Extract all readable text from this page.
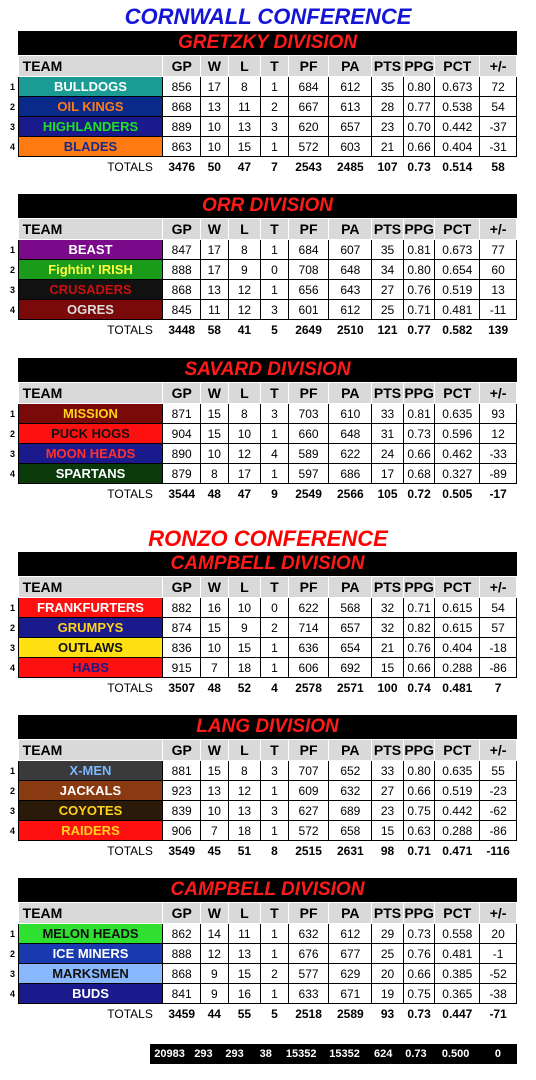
CORNWALL CONFERENCE
RONZO CONFERENCE
GRETZKY DIVISION
	TEAM	GP	W	L	T	PF	PA	PTS	PPG	PCT	+/-
1	BULLDOGS	856	17	8	1	684	612	35	0.80	0.673	72
2	OIL KINGS	868	13	11	2	667	613	28	0.77	0.538	54
3	HIGHLANDERS	889	10	13	3	620	657	23	0.70	0.442	-37
4	BLADES	863	10	15	1	572	603	21	0.66	0.404	-31
	TOTALS	3476	50	47	7	2543	2485	107	0.73	0.514	58
ORR DIVISION
	TEAM	GP	W	L	T	PF	PA	PTS	PPG	PCT	+/-
1	BEAST	847	17	8	1	684	607	35	0.81	0.673	77
2	Fightin' IRISH	888	17	9	0	708	648	34	0.80	0.654	60
3	CRUSADERS	868	13	12	1	656	643	27	0.76	0.519	13
4	OGRES	845	11	12	3	601	612	25	0.71	0.481	-11
	TOTALS	3448	58	41	5	2649	2510	121	0.77	0.582	139
SAVARD DIVISION
	TEAM	GP	W	L	T	PF	PA	PTS	PPG	PCT	+/-
1	MISSION	871	15	8	3	703	610	33	0.81	0.635	93
2	PUCK HOGS	904	15	10	1	660	648	31	0.73	0.596	12
3	MOON HEADS	890	10	12	4	589	622	24	0.66	0.462	-33
4	SPARTANS	879	8	17	1	597	686	17	0.68	0.327	-89
	TOTALS	3544	48	47	9	2549	2566	105	0.72	0.505	-17
CAMPBELL DIVISION
	TEAM	GP	W	L	T	PF	PA	PTS	PPG	PCT	+/-
1	FRANKFURTERS	882	16	10	0	622	568	32	0.71	0.615	54
2	GRUMPYS	874	15	9	2	714	657	32	0.82	0.615	57
3	OUTLAWS	836	10	15	1	636	654	21	0.76	0.404	-18
4	HABS	915	7	18	1	606	692	15	0.66	0.288	-86
	TOTALS	3507	48	52	4	2578	2571	100	0.74	0.481	7
LANG DIVISION
	TEAM	GP	W	L	T	PF	PA	PTS	PPG	PCT	+/-
1	X-MEN	881	15	8	3	707	652	33	0.80	0.635	55
2	JACKALS	923	13	12	1	609	632	27	0.66	0.519	-23
3	COYOTES	839	10	13	3	627	689	23	0.75	0.442	-62
4	RAIDERS	906	7	18	1	572	658	15	0.63	0.288	-86
	TOTALS	3549	45	51	8	2515	2631	98	0.71	0.471	-116
CAMPBELL DIVISION
	TEAM	GP	W	L	T	PF	PA	PTS	PPG	PCT	+/-
1	MELON HEADS	862	14	11	1	632	612	29	0.73	0.558	20
2	ICE MINERS	888	12	13	1	676	677	25	0.76	0.481	-1
3	MARKSMEN	868	9	15	2	577	629	20	0.66	0.385	-52
4	BUDS	841	9	16	1	633	671	19	0.75	0.365	-38
	TOTALS	3459	44	55	5	2518	2589	93	0.73	0.447	-71
20983	293	293	38	15352	15352	624	0.73	0.500	0
